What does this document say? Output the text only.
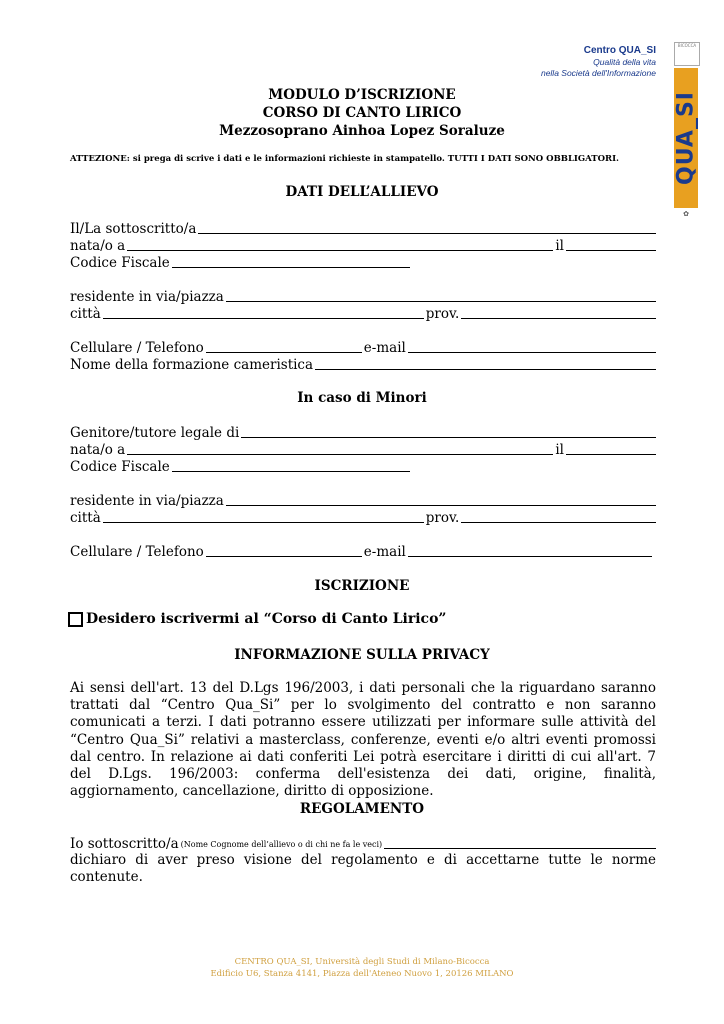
Centro QUA_SI
Qualità della vita
nella Società dell'Informazione
BICOCCA
QUA_SI
✿
MODULO D’ISCRIZIONE
CORSO DI CANTO LIRICO
Mezzosoprano Ainhoa Lopez Soraluze
ATTEZIONE: si prega di scrive i dati e le informazioni richieste in stampatello. TUTTI I DATI SONO OBBLIGATORI.
DATI DELL’ALLIEVO
Il/La sottoscritto/a
nata/o a	il
Codice Fiscale
residente in via/piazza
città	prov.
Cellulare / Telefono	e-mail
Nome della formazione cameristica
In caso di Minori
Genitore/tutore legale di
nata/o a	il
Codice Fiscale
residente in via/piazza
città	prov.
Cellulare / Telefono	e-mail
ISCRIZIONE
Desidero iscrivermi al “Corso di Canto Lirico”
INFORMAZIONE SULLA PRIVACY
Ai sensi dell'art. 13 del D.Lgs 196/2003, i dati personali che la riguardano saranno trattati dal “Centro Qua_Si” per lo svolgimento del contratto e non saranno comunicati a terzi. I dati potranno essere utilizzati per informare sulle attività del “Centro Qua_Si” relativi a masterclass, conferenze, eventi e/o altri eventi promossi dal centro. In relazione ai dati conferiti Lei potrà esercitare i diritti di cui all'art. 7 del D.Lgs. 196/2003: conferma dell'esistenza dei dati, origine, finalità, aggiornamento, cancellazione, diritto di opposizione.
REGOLAMENTO
Io sottoscritto/a (Nome Cognome dell’allievo o di chi ne fa le veci)
dichiaro di aver preso visione del regolamento e di accettarne tutte le norme contenute.
CENTRO QUA_SI, Università degli Studi di Milano-Bicocca
Edificio U6, Stanza 4141, Piazza dell'Ateneo Nuovo 1, 20126 MILANO
